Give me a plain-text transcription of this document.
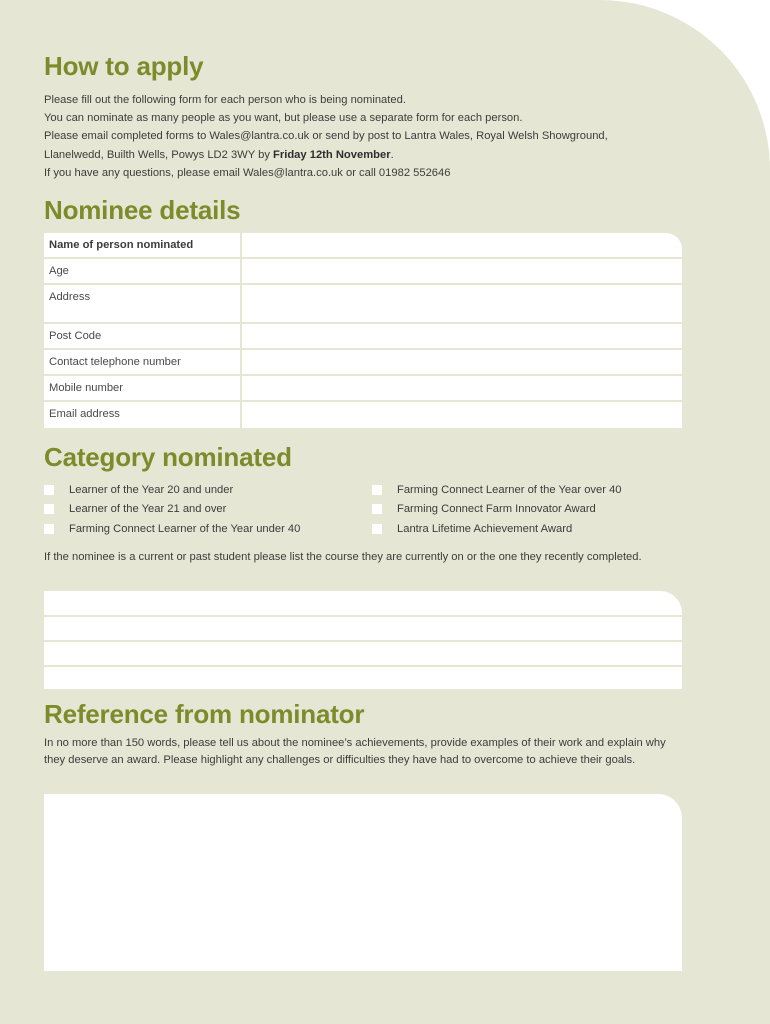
How to apply

Please fill out the following form for each person who is being nominated.

You can nominate as many people as you want, but please use a separate form for each person.

Please email completed forms to Wales@lantra.co.uk or send by post to Lantra Wales, Royal Welsh Showground,

Llanelwedd, Builth Wells, Powys LD2 3WY by Friday 12th November.

If you have any questions, please email Wales@lantra.co.uk or call 01982 552646

Nominee details
Name of person nominated	
Age	
Address	
Post Code	
Contact telephone number	
Mobile number	
Email address	
Category nominated
Learner of the Year 20 and under
Learner of the Year 21 and over
Farming Connect Learner of the Year under 40
Farming Connect Learner of the Year over 40
Farming Connect Farm Innovator Award
Lantra Lifetime Achievement Award
If the nominee is a current or past student please list the course they are currently on or the one they recently completed.
Reference from nominator
In no more than 150 words, please tell us about the nominee’s achievements, provide examples of their work and explain why they deserve an award. Please highlight any challenges or difficulties they have had to overcome to achieve their goals.
